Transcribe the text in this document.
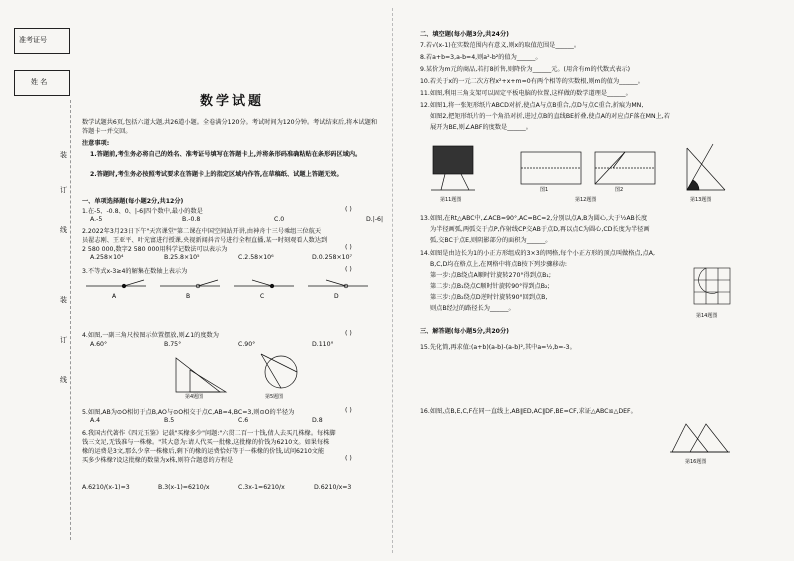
准考证号
姓 名
装
订
线
装
订
线
数学试题
数学试题共6页,包括六道大题,共26道小题。全卷满分120分。考试时间为120分钟。考试结束后,将本试题和答题卡一并交回。
注意事项:
1.答题前,考生务必将自己的姓名、准考证号填写在答题卡上,并将条形码准确粘贴在条形码区域内。
2.答题时,考生务必按照考试要求在答题卡上的指定区域内作答,在草稿纸、试题上答题无效。
一、单项选择题(每小题2分,共12分)
1.在-5、-0.8、0、|-6|四个数中,最小的数是	( )
A.-5	B.-0.8	C.0	D.|-6|
2.2022年3月23日下午"天宫课堂"第二课在中国空间站开讲,由神舟十三号乘组三位航天
员翟志刚、王亚平、叶光富进行授课,央视新闻抖音号进行全程直播,某一时刻观看人数达到
2 580 000,数字2 580 000用科学记数法可以表示为	( )
A.258×10⁴	B.25.8×10⁵	C.2.58×10⁶	D.0.258×10⁷
3.不等式x-3≥4的解集在数轴上表示为	( )
A	B	C	D
4.如图,一副三角尺按图示位置摆放,则∠1的度数为	( )
A.60°	B.75°	C.90°	D.110°
第4题图	第5题图
5.如图,AB为⊙O相切于点B,AO与⊙O相交于点C,AB=4,BC=3,则⊙O的半径为	( )
A.4	B.5	C.6	D.8
6.我国古代著作《四元玉鉴》记载"买椽多少"问题:"六贯二百一十钱,倩人去买几株椽。每株脚
钱三文足,无钱准与一株椽。"其大意为:请人代买一批椽,这批椽的价钱为6210文。如果每株
椽的运费是3文,那么少拿一株椽后,剩下的椽的运费恰好等于一株椽的价钱,试问6210文能
买多少株椽?设这批椽的数量为x株,则符合题意的方程是	( )
A.6210/(x-1)=3	B.3(x-1)=6210/x	C.3x-1=6210/x	D.6210/x=3
二、填空题(每小题3分,共24分)
7.若√(x-1)在实数范围内有意义,则x的取值范围是______。
8.若a+b=3,a-b=4,则a²-b²的值为______。
9.某价为m元的商品,若打8折售,则降价为______元。(用含有m的代数式表示)
10.若关于x的一元二次方程x²+x+m=0有两个相等的实数根,则m的值为______。
11.如图,利用三角支架可以固定平板电脑的位置,这样做的数学道理是______。
12.如图1,将一张矩形纸片ABCD对折,使点A与点B重合,点D与点C重合,折痕为MN,
如图2,把矩形纸片的一个角沿对折,进过点B的直线BE折叠,使点A的对应点F落在MN上,若
展开为BE,则∠ABF的度数是______。
第11题图
图1	图2
第12题图	第13题图
13.如图,在Rt△ABC中,∠ACB=90°,AC=BC=2,分别以点A,B为圆心,大于½AB长度
为半径画弧,两弧交于点P,作射线CP交AB于点D,再以点C为圆心,CD长度为半径画
弧,交BC于点E,则阴影部分的面积为______。
14.如图是由边长为1的小正方形组成的3×3的网格,每个小正方形的顶点叫做格点,点A,
B,C,D均在格点上,在网格中将点B按下列步骤移动:
第一步:点B绕点A顺时针旋转270°得到点B₁;
第二步:点B₁绕点C顺时针旋转90°得到点B₂;
第三步:点B₂绕点D逆时针旋转90°回到点B,
则点B经过的路径长为______。
第14题图
三、解答题(每小题5分,共20分)
15.先化简,再求值:(a+b)(a-b)-(a-b)²,其中a=½,b=-3。
16.如图,点B,E,C,F在同一直线上,AB∥ED,AC∥DF,BE=CF,求证△ABC≌△DEF。
第16题图
